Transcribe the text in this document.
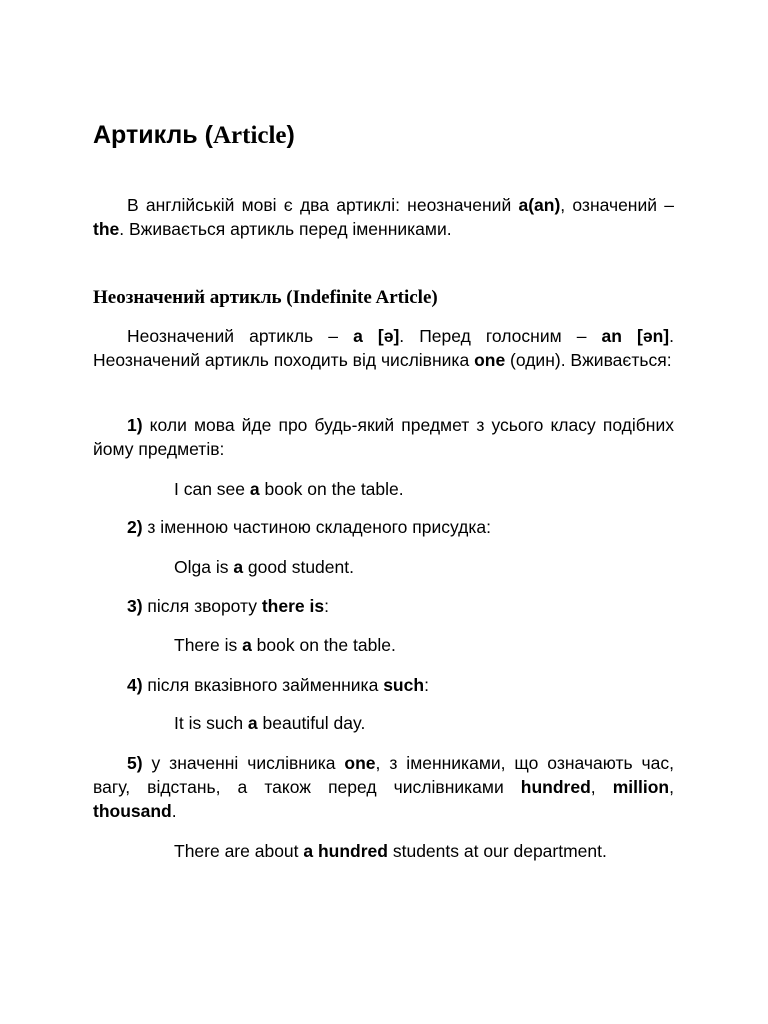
Артикль (Article)
В англійській мові є два артиклі: неозначений a(an), означений – the. Вживається артикль перед іменниками.
Неозначений артикль (Indefinite Article)
Неозначений артикль – a [ə]. Перед голосним – an [ən]. Неозначений артикль походить від числівника one (один). Вживається:
1) коли мова йде про будь-який предмет з усього класу подібних йому предметів:
I can see a book on the table.
2) з іменною частиною складеного присудка:
Olga is a good student.
3) після звороту there is:
There is a book on the table.
4) після вказівного займенника such:
It is such a beautiful day.
5) у значенні числівника one, з іменниками, що означають час, вагу, відстань, а також перед числівниками hundred, million, thousand.
There are about a hundred students at our department.
